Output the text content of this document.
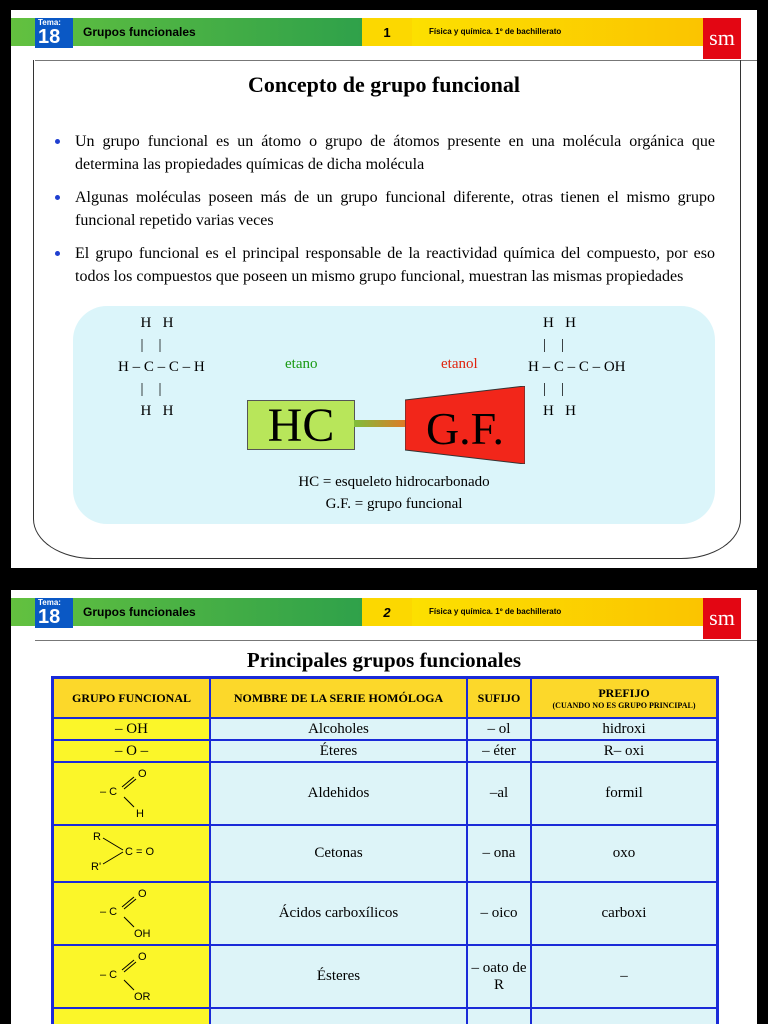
1
Tema:
18 Grupos funcionales	Física y química. 1º de bachillerato	sm
Concepto de grupo funcional
Un grupo funcional es un átomo o grupo de átomos presente en una molécula orgánica que determina las propiedades químicas de dicha molécula
Algunas moléculas poseen más de un grupo funcional diferente, otras tienen el mismo grupo funcional repetido varias veces
El grupo funcional es el principal responsable de la reactividad química del compuesto, por eso todos los compuestos que poseen un mismo grupo funcional, muestran las mismas propiedades
H   H
|    |
H – C – C – H
|    |
H   H
H   H
|    |
H – C – C – OH
|    |
H   H
etano	etanol
HC	G.F.
HC = esqueleto hidrocarbonado
G.F. = grupo funcional
2
Tema:
18 Grupos funcionales	Física y química. 1º de bachillerato	sm
Principales grupos funcionales
GRUPO FUNCIONAL	NOMBRE DE LA SERIE HOMÓLOGA	SUFIJO	PREFIJO
(CUANDO NO ES GRUPO PRINCIPAL)

– OH	Alcoholes	– ol	hidroxi
– O –	Éteres	– éter	R– oxi

– C
O
H	Aldehidos	–al	formil

R
R'
C = O	Cetonas	– ona	oxo

– C
O
OH	Ácidos carboxílicos	– oico	carboxi

– C
O
OR	Ésteres	– oato de R	–
